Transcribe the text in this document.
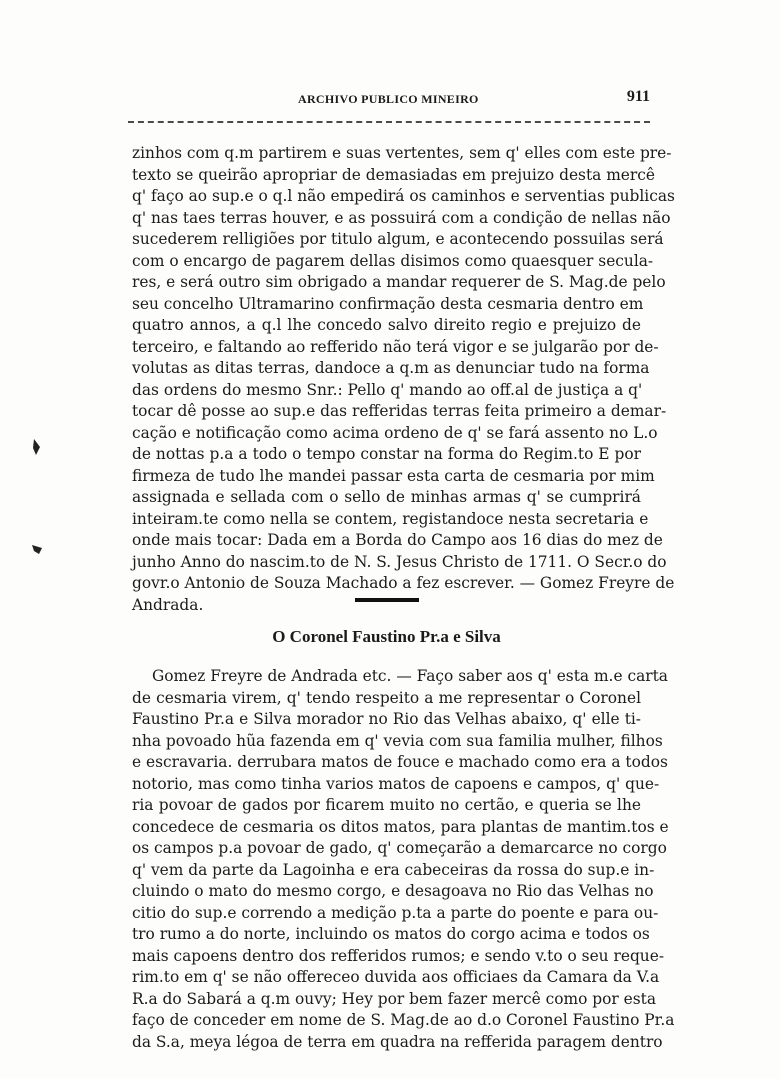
ARCHIVO PUBLICO MINEIRO	911
zinhos com q.m partirem e suas vertentes, sem q' elles com este pre-
texto se queirão apropriar de demasiadas em prejuizo desta mercê
q' faço ao sup.e o q.l não empedirá os caminhos e serventias publicas
q' nas taes terras houver, e as possuirá com a condição de nellas não
sucederem relligiões por titulo algum, e acontecendo possuilas será
com o encargo de pagarem dellas disimos como quaesquer secula-
res, e será outro sim obrigado a mandar requerer de S. Mag.de pelo
seu concelho Ultramarino confirmação desta cesmaria dentro em
quatro annos, a q.l lhe concedo salvo direito regio e prejuizo de
terceiro, e faltando ao refferido não terá vigor e se julgarão por de-
volutas as ditas terras, dandoce a q.m as denunciar tudo na forma
das ordens do mesmo Snr.: Pello q' mando ao off.al de justiça a q'
tocar dê posse ao sup.e das refferidas terras feita primeiro a demar-
cação e notificação como acima ordeno de q' se fará assento no L.o
de nottas p.a a todo o tempo constar na forma do Regim.to E por
firmeza de tudo lhe mandei passar esta carta de cesmaria por mim
assignada e sellada com o sello de minhas armas q' se cumprirá
inteiram.te como nella se contem, registandoce nesta secretaria e
onde mais tocar: Dada em a Borda do Campo aos 16 dias do mez de
junho Anno do nascim.to de N. S. Jesus Christo de 1711. O Secr.o do
govr.o Antonio de Souza Machado a fez escrever. — Gomez Freyre de
Andrada.
O Coronel Faustino Pr.a e Silva
Gomez Freyre de Andrada etc. — Faço saber aos q' esta m.e carta
de cesmaria virem, q' tendo respeito a me representar o Coronel
Faustino Pr.a e Silva morador no Rio das Velhas abaixo, q' elle ti-
nha povoado hũa fazenda em q' vevia com sua familia mulher, filhos
e escravaria. derrubara matos de fouce e machado como era a todos
notorio, mas como tinha varios matos de capoens e campos, q' que-
ria povoar de gados por ficarem muito no certão, e queria se lhe
concedece de cesmaria os ditos matos, para plantas de mantim.tos e
os campos p.a povoar de gado, q' começarão a demarcarce no corgo
q' vem da parte da Lagoinha e era cabeceiras da rossa do sup.e in-
cluindo o mato do mesmo corgo, e desagoava no Rio das Velhas no
citio do sup.e correndo a medição p.ta a parte do poente e para ou-
tro rumo a do norte, incluindo os matos do corgo acima e todos os
mais capoens dentro dos refferidos rumos; e sendo v.to o seu reque-
rim.to em q' se não offereceo duvida aos officiaes da Camara da V.a
R.a do Sabará a q.m ouvy; Hey por bem fazer mercê como por esta
faço de conceder em nome de S. Mag.de ao d.o Coronel Faustino Pr.a
da S.a, meya légoa de terra em quadra na refferida paragem dentro
